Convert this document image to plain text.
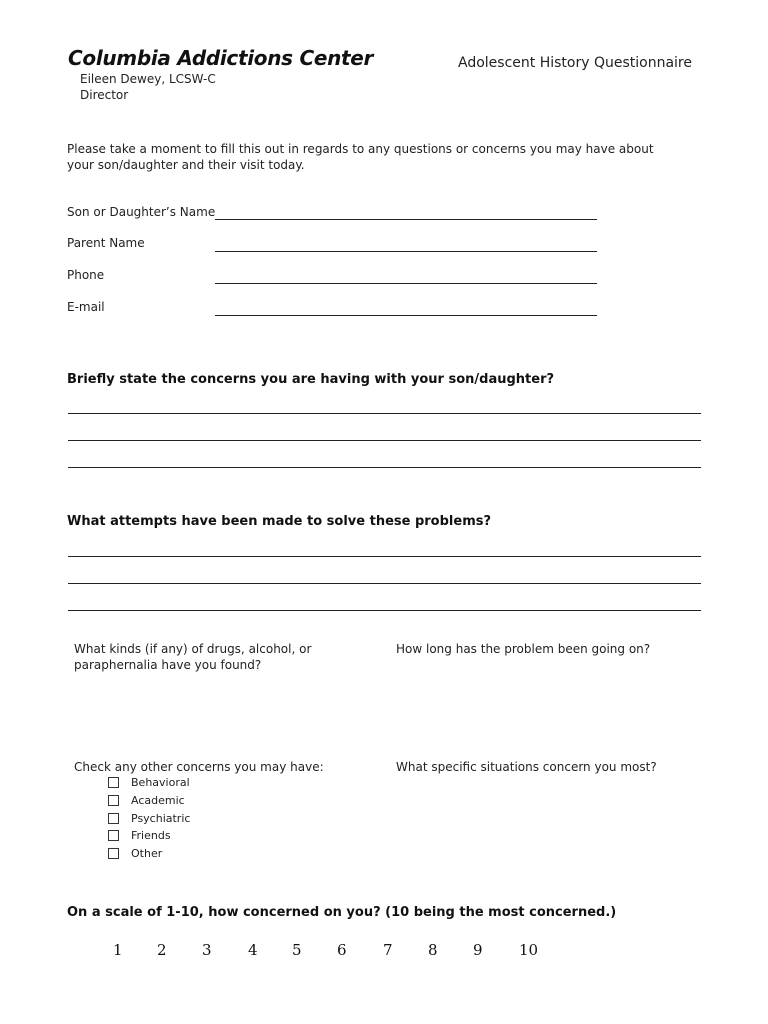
Columbia Addictions Center
Eileen Dewey, LCSW-C
Director
Adolescent History Questionnaire
Please take a moment to fill this out in regards to any questions or concerns you may have about your son/daughter and their visit today.
Son or Daughter’s Name
Parent Name
Phone
E-mail
Briefly state the concerns you are having with your son/daughter?
What attempts have been made to solve these problems?
What kinds (if any) of drugs, alcohol, or paraphernalia have you found?
How long has the problem been going on?
Check any other concerns you may have:	What specific situations concern you most?
Behavioral
Academic
Psychiatric
Friends
Other
On a scale of 1-10, how concerned on you? (10 being the most concerned.)
1 2 3 4 5 6 7 8 9 10
